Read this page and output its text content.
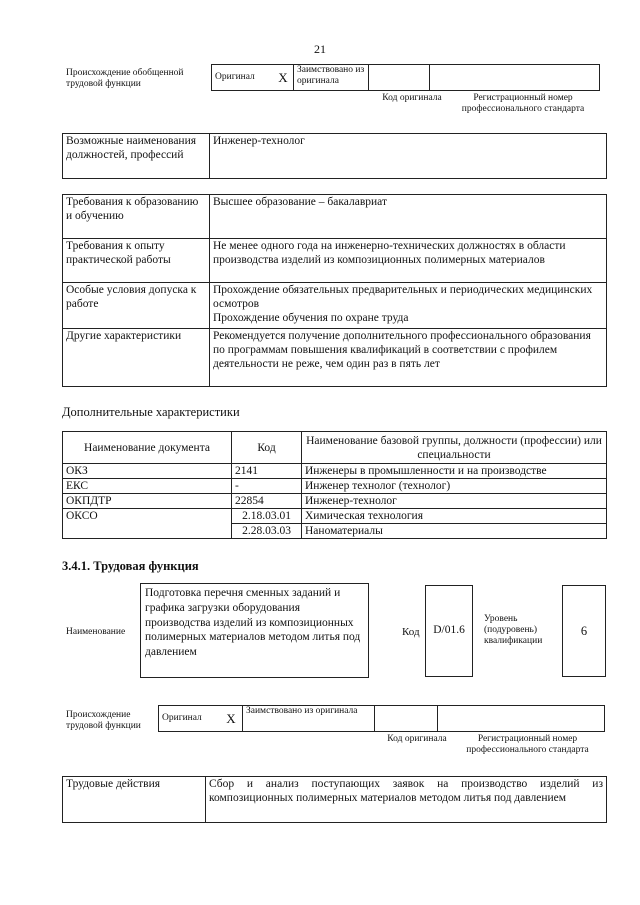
21
Происхождение обобщенной трудовой функции
Оригинал	X	Заимствовано из оригинала		
Код оригинала	Регистрационный номер профессионального стандарта
Возможные наименования должностей, профессий	Инженер-технолог
Требования к образованию и обучению	Высшее образование – бакалавриат
Требования к опыту практической работы	Не менее одного года на инженерно-технических должностях в области производства изделий из композиционных полимерных материалов
Особые условия допуска к работе	Прохождение обязательных предварительных и периодических медицинских осмотров
Прохождение обучения по охране труда

Другие характеристики	Рекомендуется получение дополнительного профессионального образования по программам повышения квалификаций в соответствии с профилем деятельности не реже, чем один раз в пять лет
Дополнительные характеристики
Наименование документа	Код	Наименование базовой группы, должности (профессии) или специальности
ОКЗ	2141	Инженеры в промышленности и на производстве
ЕКС	-	Инженер технолог (технолог)
ОКПДТР	22854	Инженер-технолог
ОКСО	2.18.03.01	Химическая технология
	2.28.03.03	Наноматериалы
3.4.1. Трудовая функция
Наименование
Подготовка перечня сменных заданий и графика загрузки оборудования производства изделий из композиционных полимерных материалов методом литья под давлением
Код	D/01.6
Уровень (подуровень) квалификации
6
Происхождение трудовой функции
Оригинал	X	Заимствовано из оригинала		
Код оригинала	Регистрационный номер профессионального стандарта
Трудовые действия	Сбор и анализ поступающих заявок на производство изделий из композиционных полимерных материалов методом литья под давлением
